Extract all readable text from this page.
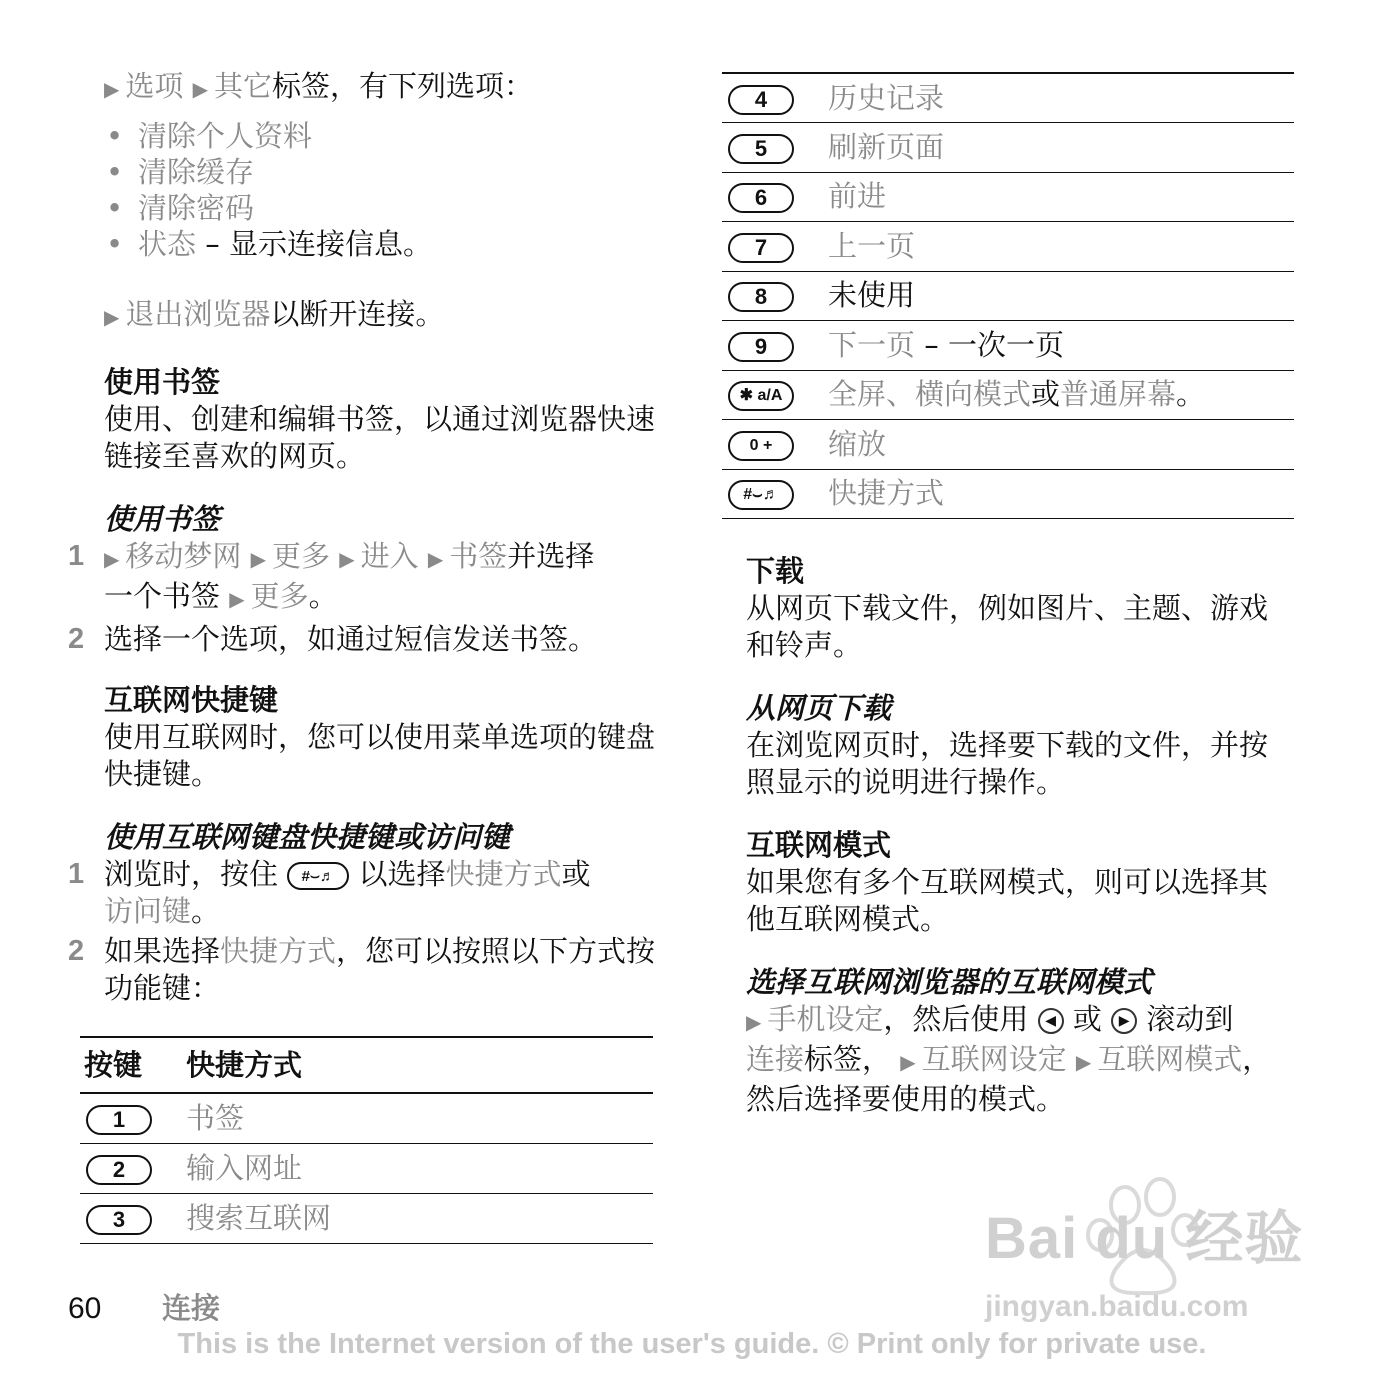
▶ 选项 ▶ 其它标签，有下列选项：

• 清除个人资料
• 清除缓存
• 清除密码
• 状态 – 显示连接信息。

▶ 退出浏览器以断开连接。

使用书签

使用、创建和编辑书签，以通过浏览器快速链接至喜欢的网页。

使用书签
1 ▶ 移动梦网 ▶ 更多 ▶ 进入 ▶ 书签并选择
一个书签 ▶ 更多。
2 选择一个选项，如通过短信发送书签。
互联网快捷键

使用互联网时，您可以使用菜单选项的键盘快捷键。

使用互联网键盘快捷键或访问键
1 浏览时，按住 #⌣♬ 以选择快捷方式或
访问键。
2 如果选择快捷方式，您可以按照以下方式按功能键：
按键	快捷方式
1	书签
2	输入网址
3	搜索互联网
4	历史记录
5	刷新页面
6	前进
7	上一页
8	未使用
9	下一页 – 一次一页
✱ a/A	全屏、横向模式或普通屏幕。
0 +	缩放
#⌣♬	快捷方式
下载

从网页下载文件，例如图片、主题、游戏和铃声。

从网页下载

在浏览网页时，选择要下载的文件，并按照显示的说明进行操作。

互联网模式

如果您有多个互联网模式，则可以选择其他互联网模式。

选择互联网浏览器的互联网模式

▶ 手机设定，然后使用 ◀ 或 ▶ 滚动到
连接标签， ▶ 互联网设定 ▶ 互联网模式，然后选择要使用的模式。

Bai du 经验
jingyan.baidu.com
60 连接
This is the Internet version of the user's guide. © Print only for private use.
